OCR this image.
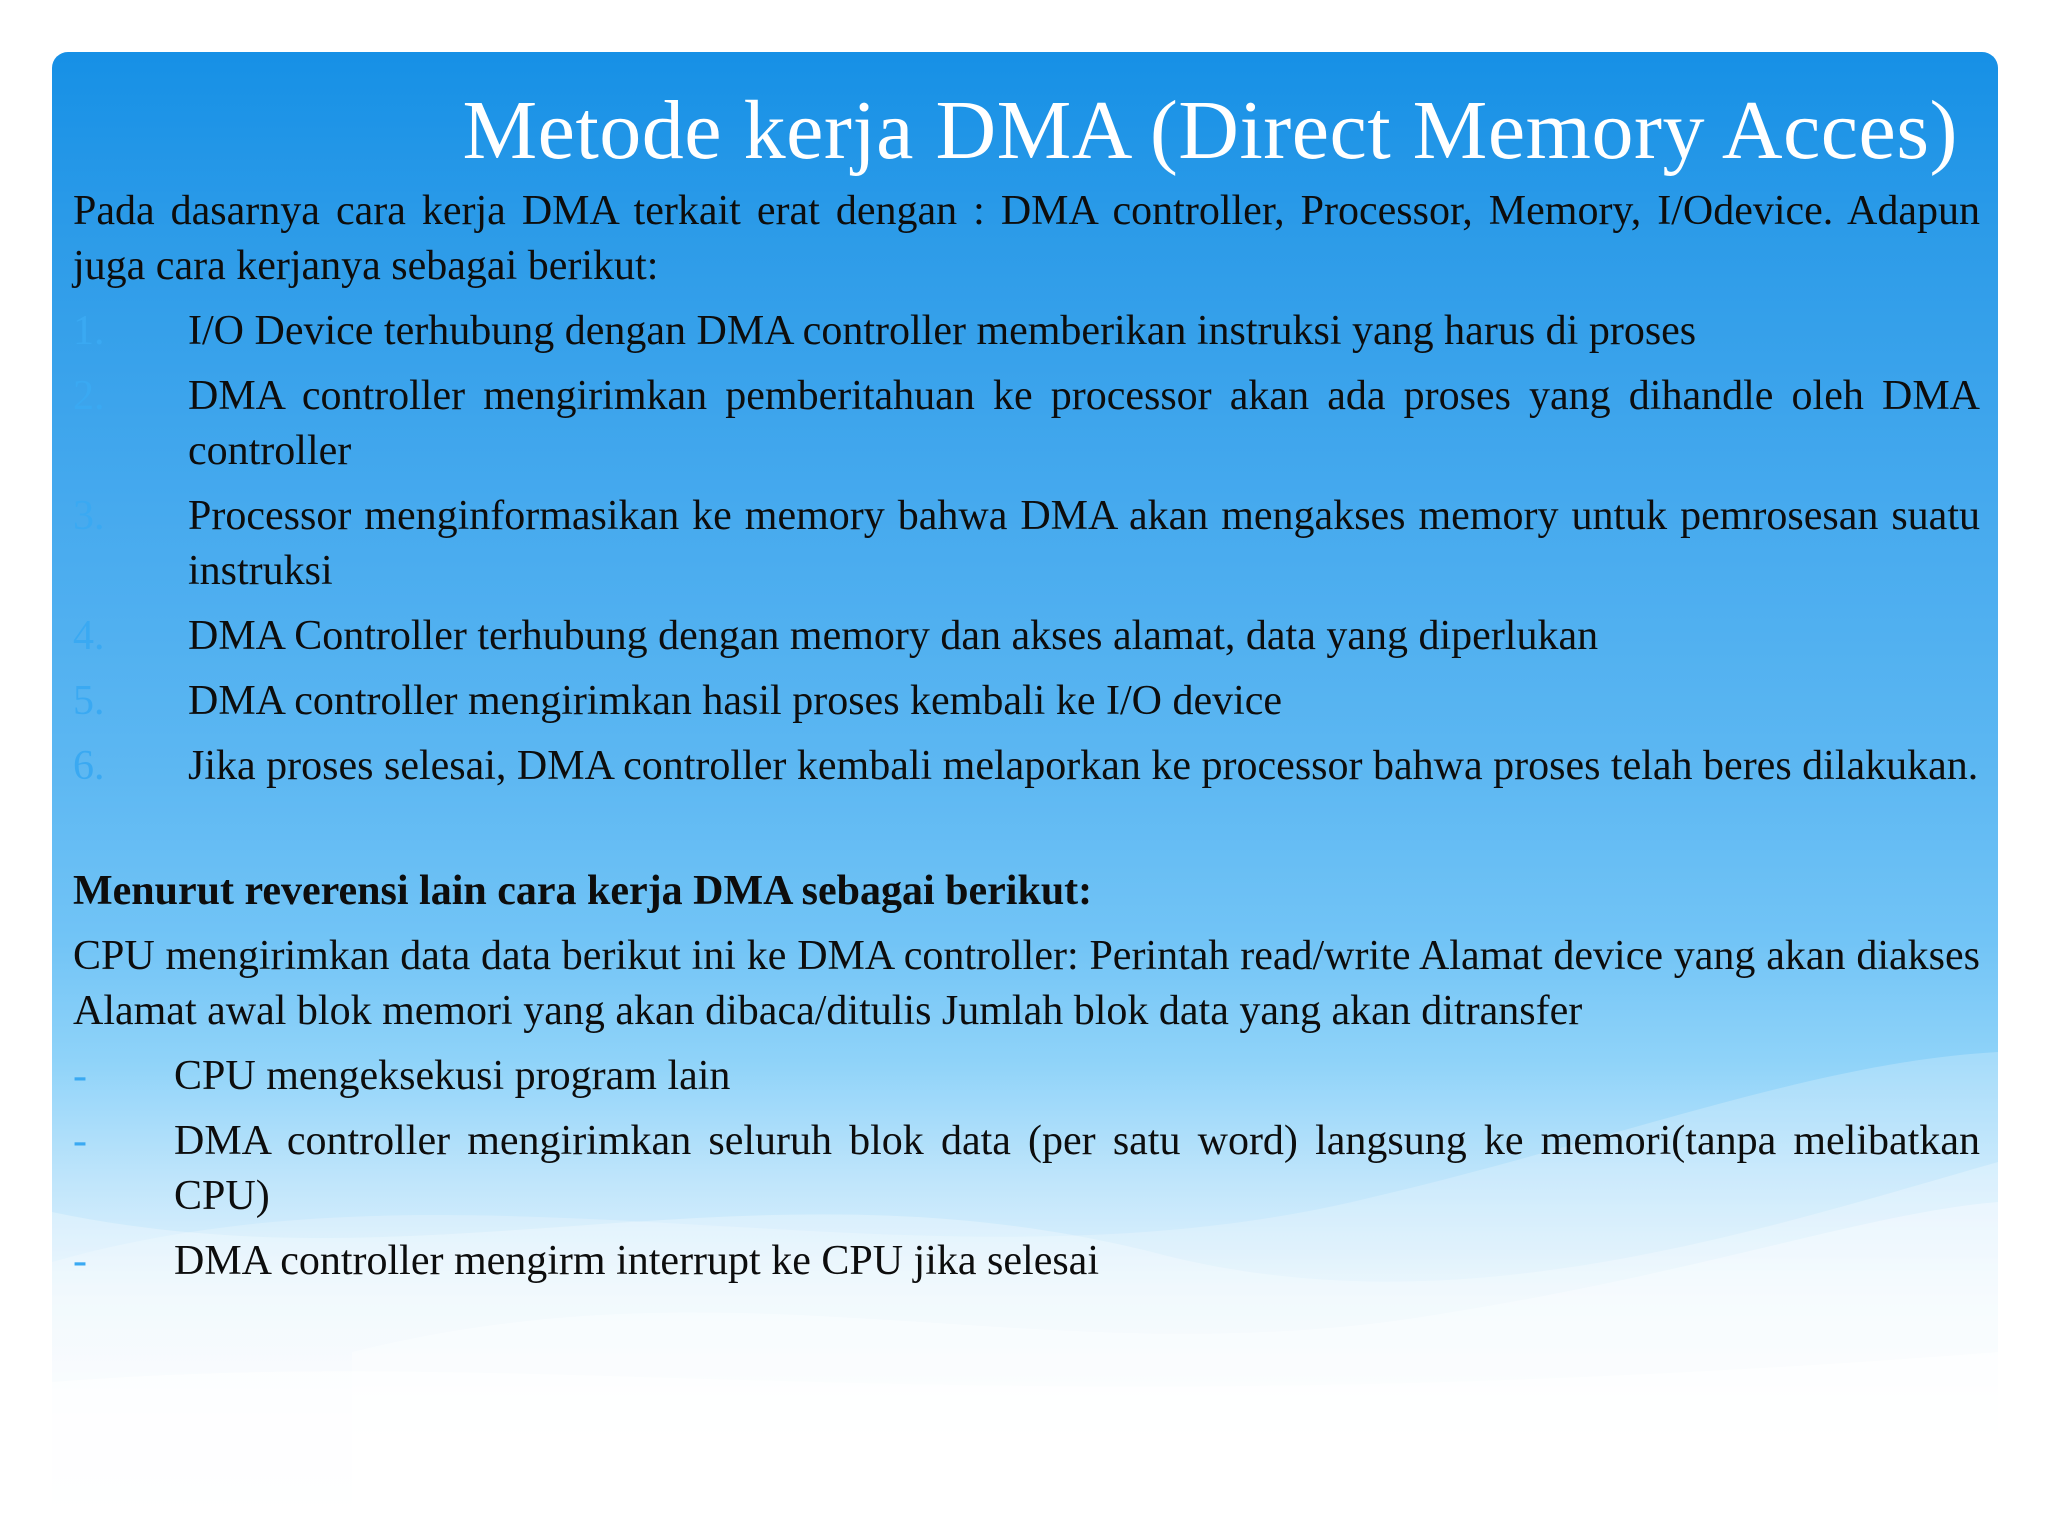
Metode kerja DMA (Direct Memory Acces)

Pada dasarnya cara kerja DMA terkait erat dengan : DMA controller, Processor, Memory, I/Odevice. Adapun juga cara kerjanya sebagai berikut:

1. I/O Device terhubung dengan DMA controller memberikan instruksi yang harus di proses
2. DMA controller mengirimkan pemberitahuan ke processor akan ada proses yang dihandle oleh DMA controller
3. Processor menginformasikan ke memory bahwa DMA akan mengakses memory untuk pemrosesan suatu instruksi
4. DMA Controller terhubung dengan memory dan akses alamat, data yang diperlukan
5. DMA controller mengirimkan hasil proses kembali ke I/O device
6. Jika proses selesai, DMA controller kembali melaporkan ke processor bahwa proses telah beres dilakukan.

Menurut reverensi lain cara kerja DMA sebagai berikut:

CPU mengirimkan data data berikut ini ke DMA controller: Perintah read/write Alamat device yang akan diakses Alamat awal blok memori yang akan dibaca/ditulis Jumlah blok data yang akan ditransfer

- CPU mengeksekusi program lain
- DMA controller mengirimkan seluruh blok data (per satu word) langsung ke memori(tanpa melibatkan CPU)
- DMA controller mengirm interrupt ke CPU jika selesai
